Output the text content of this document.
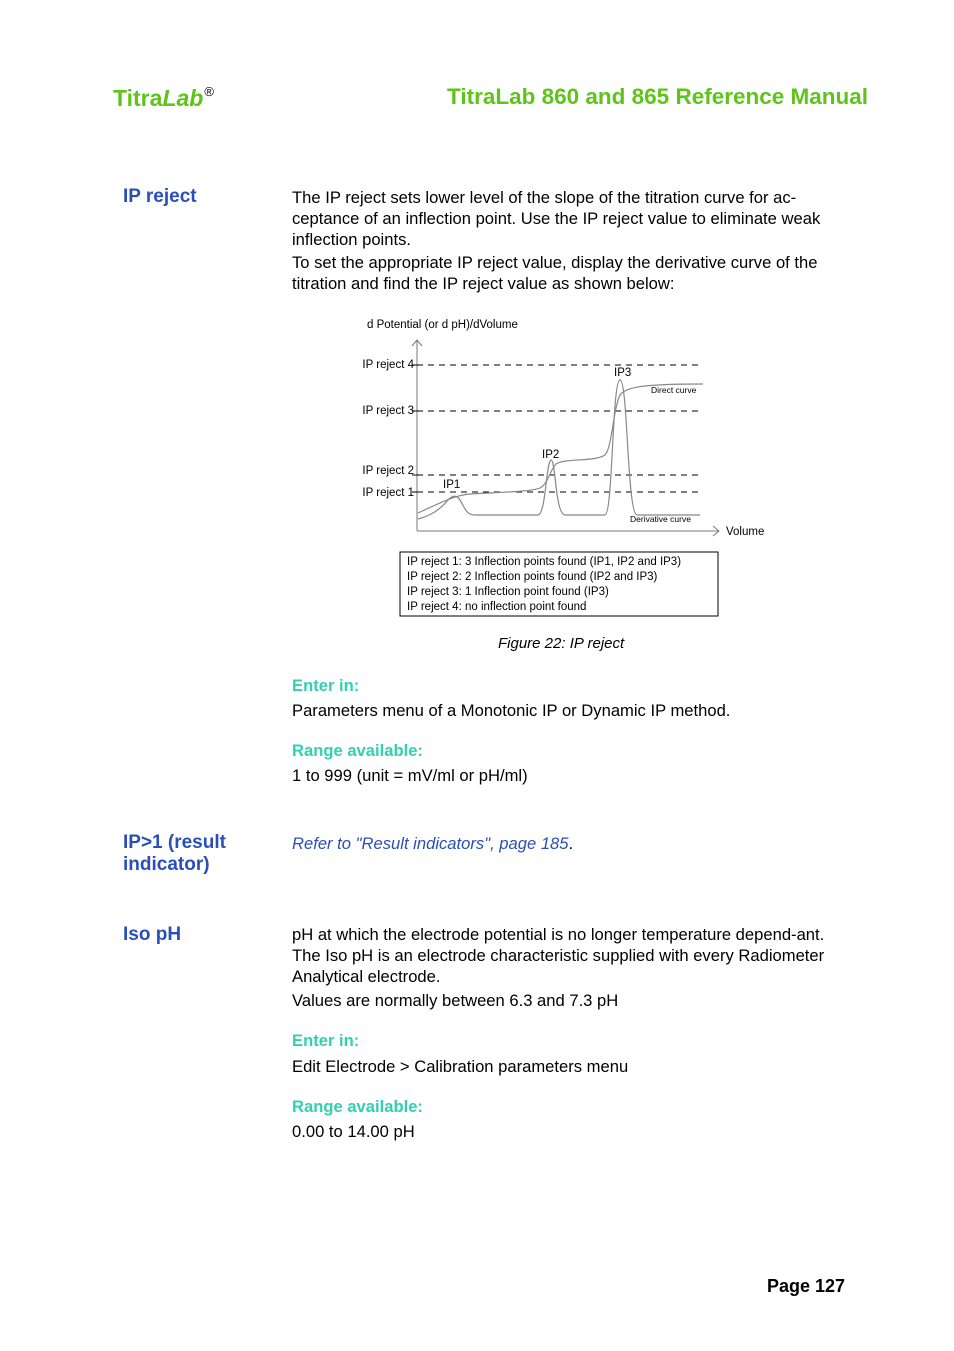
TitraLab®	TitraLab 860 and 865 Reference Manual
IP reject	The IP reject sets lower level of the slope of the titration curve for ac-ceptance of an inflection point. Use the IP reject value to eliminate weak inflection points.
To set the appropriate IP reject value, display the derivative curve of the titration and find the IP reject value as shown below:
d Potential (or d pH)/dVolume
Volume
IP reject 4
IP reject 3
IP reject 2
IP reject 1
IP1
IP2
IP3
Direct curve
Derivative curve
IP reject 1: 3 Inflection points found (IP1, IP2 and IP3)
IP reject 2: 2 Inflection points found (IP2 and IP3)
IP reject 3: 1 Inflection point found (IP3)
IP reject 4: no inflection point found
Figure 22: IP reject
Enter in:
Parameters menu of a Monotonic IP or Dynamic IP method.
Range available:
1 to 999 (unit = mV/ml or pH/ml)
IP>1 (result
indicator)
Refer to "Result indicators", page 185.
Iso pH	pH at which the electrode potential is no longer temperature depend-ant. The Iso pH is an electrode characteristic supplied with every Radiometer Analytical electrode.
Values are normally between 6.3 and 7.3 pH
Enter in:
Edit Electrode > Calibration parameters menu
Range available:
0.00 to 14.00 pH
Page 127
